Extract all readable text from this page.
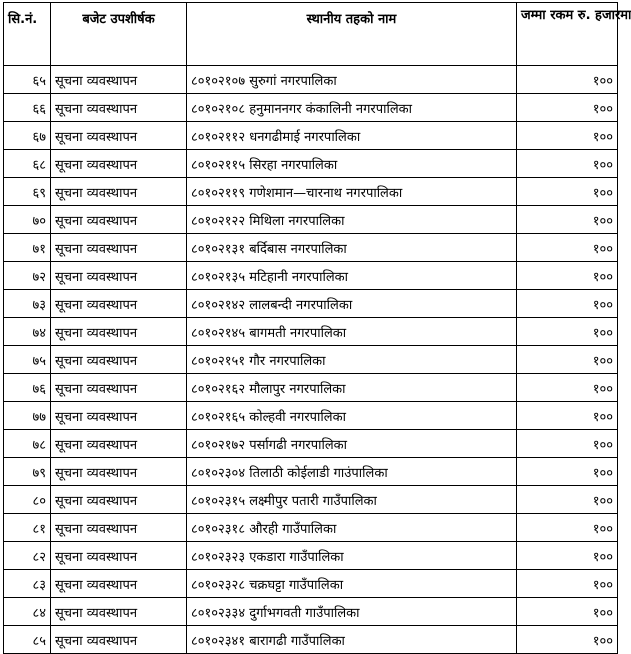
सि.नं.	बजेट उपशीर्षक	स्थानीय तहको नाम	जम्मा रकम रु. हजारमा
६५	सूचना व्यवस्थापन	८०१०२१०७ सुरुगां नगरपालिका	१००
६६	सूचना व्यवस्थापन	८०१०२१०८ हनुमाननगर कंकालिनी नगरपालिका	१००
६७	सूचना व्यवस्थापन	८०१०२११२ धनगढीमाई नगरपालिका	१००
६८	सूचना व्यवस्थापन	८०१०२११५ सिरहा नगरपालिका	१००
६९	सूचना व्यवस्थापन	८०१०२११९ गणेशमान—चारनाथ नगरपालिका	१००
७०	सूचना व्यवस्थापन	८०१०२१२२ मिथिला नगरपालिका	१००
७१	सूचना व्यवस्थापन	८०१०२१३१ बर्दिबास नगरपालिका	१००
७२	सूचना व्यवस्थापन	८०१०२१३५ मटिहानी नगरपालिका	१००
७३	सूचना व्यवस्थापन	८०१०२१४२ लालबन्दी नगरपालिका	१००
७४	सूचना व्यवस्थापन	८०१०२१४५ बागमती नगरपालिका	१००
७५	सूचना व्यवस्थापन	८०१०२१५१ गौर नगरपालिका	१००
७६	सूचना व्यवस्थापन	८०१०२१६२ मौलापुर नगरपालिका	१००
७७	सूचना व्यवस्थापन	८०१०२१६५ कोल्हवी नगरपालिका	१००
७८	सूचना व्यवस्थापन	८०१०२१७२ पर्सागढी नगरपालिका	१००
७९	सूचना व्यवस्थापन	८०१०२३०४ तिलाठी कोईलाडी गाउंपालिका	१००
८०	सूचना व्यवस्थापन	८०१०२३१५ लक्ष्मीपुर पतारी गाउँपालिका	१००
८१	सूचना व्यवस्थापन	८०१०२३१८ औरही गाउँपालिका	१००
८२	सूचना व्यवस्थापन	८०१०२३२३ एकडारा गाउँपालिका	१००
८३	सूचना व्यवस्थापन	८०१०२३२८ चक्रघट्टा गाउँपालिका	१००
८४	सूचना व्यवस्थापन	८०१०२३३४ दुर्गाभगवती गाउँपालिका	१००
८५	सूचना व्यवस्थापन	८०१०२३४१ बारागढी गाउँपालिका	१००
